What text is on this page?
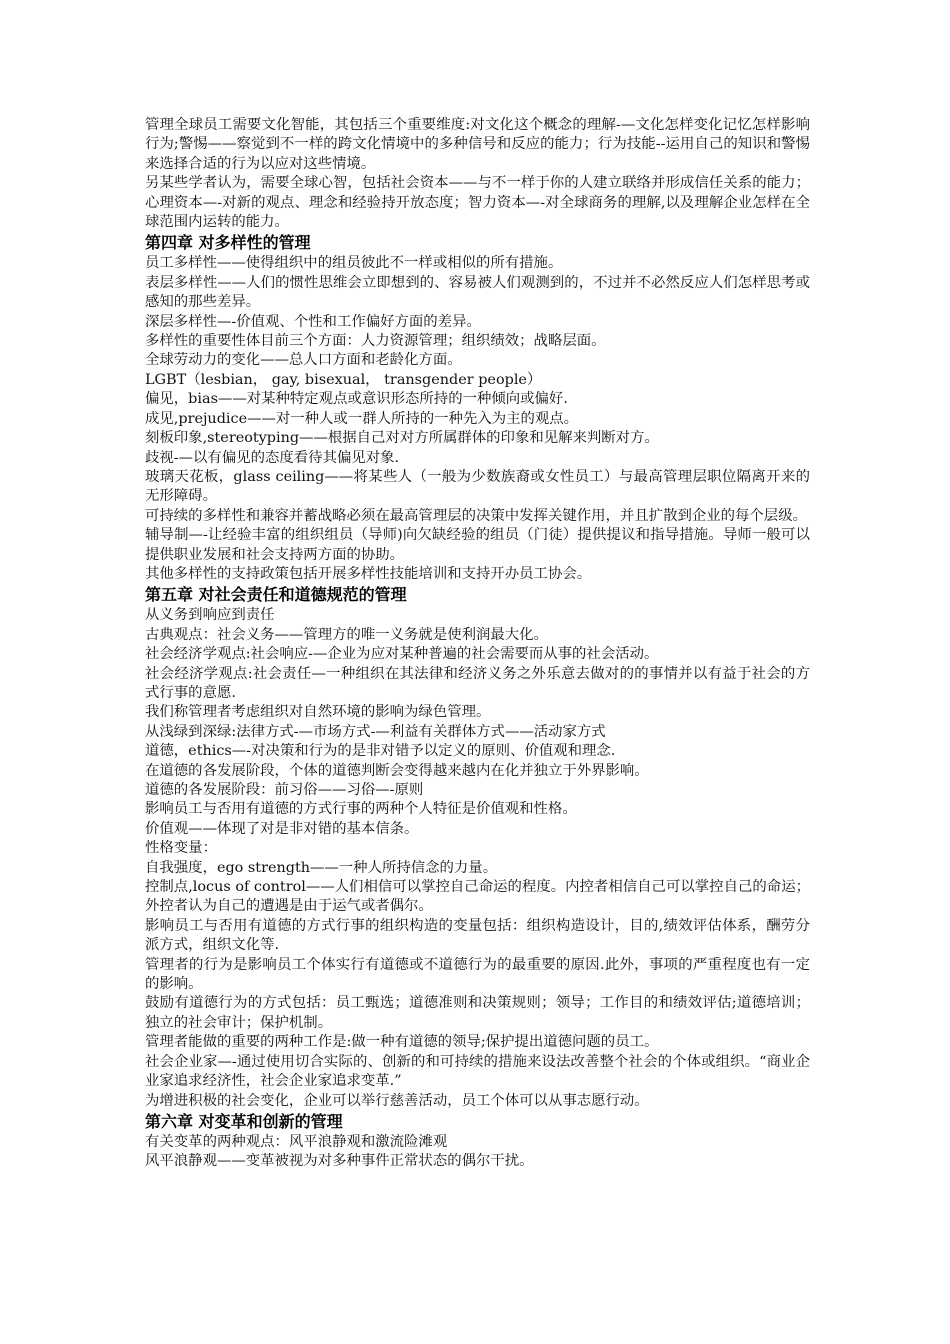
管理全球员工需要文化智能，其包括三个重要维度:对文化这个概念的理解-—文化怎样变化记忆怎样影响行为;警惕——察觉到不一样的跨文化情境中的多种信号和反应的能力；行为技能--运用自己的知识和警惕来选择合适的行为以应对这些情境。

另某些学者认为，需要全球心智，包括社会资本——与不一样于你的人建立联络并形成信任关系的能力；心理资本—-对新的观点、理念和经验持开放态度；智力资本—-对全球商务的理解,以及理解企业怎样在全球范围内运转的能力。

第四章 对多样性的管理

员工多样性——使得组织中的组员彼此不一样或相似的所有措施。

表层多样性——人们的惯性思维会立即想到的、容易被人们观测到的，不过并不必然反应人们怎样思考或感知的那些差异。

深层多样性—-价值观、个性和工作偏好方面的差异。

多样性的重要性体目前三个方面：人力资源管理；组织绩效；战略层面。

全球劳动力的变化——总人口方面和老龄化方面。

LGBT（lesbian， gay, bisexual， transgender people）

偏见，bias——对某种特定观点或意识形态所持的一种倾向或偏好.

成见,prejudice——对一种人或一群人所持的一种先入为主的观点。

刻板印象,stereotyping——根据自己对对方所属群体的印象和见解来判断对方。

歧视-—以有偏见的态度看待其偏见对象.

玻璃天花板，glass ceiling——将某些人（一般为少数族裔或女性员工）与最高管理层职位隔离开来的无形障碍。

可持续的多样性和兼容并蓄战略必须在最高管理层的决策中发挥关键作用，并且扩散到企业的每个层级。

辅导制—-让经验丰富的组织组员（导师)向欠缺经验的组员（门徒）提供提议和指导措施。导师一般可以提供职业发展和社会支持两方面的协助。

其他多样性的支持政策包括开展多样性技能培训和支持开办员工协会。

第五章 对社会责任和道德规范的管理

从义务到响应到责任

古典观点：社会义务——管理方的唯一义务就是使利润最大化。

社会经济学观点:社会响应-—企业为应对某种普遍的社会需要而从事的社会活动。

社会经济学观点:社会责任—一种组织在其法律和经济义务之外乐意去做对的的事情并以有益于社会的方式行事的意愿.

我们称管理者考虑组织对自然环境的影响为绿色管理。

从浅绿到深绿:法律方式-—市场方式-—利益有关群体方式——活动家方式

道德，ethics—-对决策和行为的是非对错予以定义的原则、价值观和理念.

在道德的各发展阶段，个体的道德判断会变得越来越内在化并独立于外界影响。

道德的各发展阶段：前习俗——习俗—-原则

影响员工与否用有道德的方式行事的两种个人特征是价值观和性格。

价值观——体现了对是非对错的基本信条。

性格变量：

自我强度，ego strength——一种人所持信念的力量。

控制点,locus of control——人们相信可以掌控自己命运的程度。内控者相信自己可以掌控自己的命运；外控者认为自己的遭遇是由于运气或者偶尔。

影响员工与否用有道德的方式行事的组织构造的变量包括：组织构造设计，目的,绩效评估体系，酬劳分派方式，组织文化等.

管理者的行为是影响员工个体实行有道德或不道德行为的最重要的原因.此外，事项的严重程度也有一定的影响。

鼓励有道德行为的方式包括：员工甄选；道德准则和决策规则；领导；工作目的和绩效评估;道德培训；独立的社会审计；保护机制。

管理者能做的重要的两种工作是:做一种有道德的领导;保护提出道德问题的员工。

社会企业家—-通过使用切合实际的、创新的和可持续的措施来设法改善整个社会的个体或组织。“商业企业家追求经济性，社会企业家追求变革.”

为增进积极的社会变化，企业可以举行慈善活动，员工个体可以从事志愿行动。

第六章 对变革和创新的管理

有关变革的两种观点：风平浪静观和激流险滩观

风平浪静观——变革被视为对多种事件正常状态的偶尔干扰。
